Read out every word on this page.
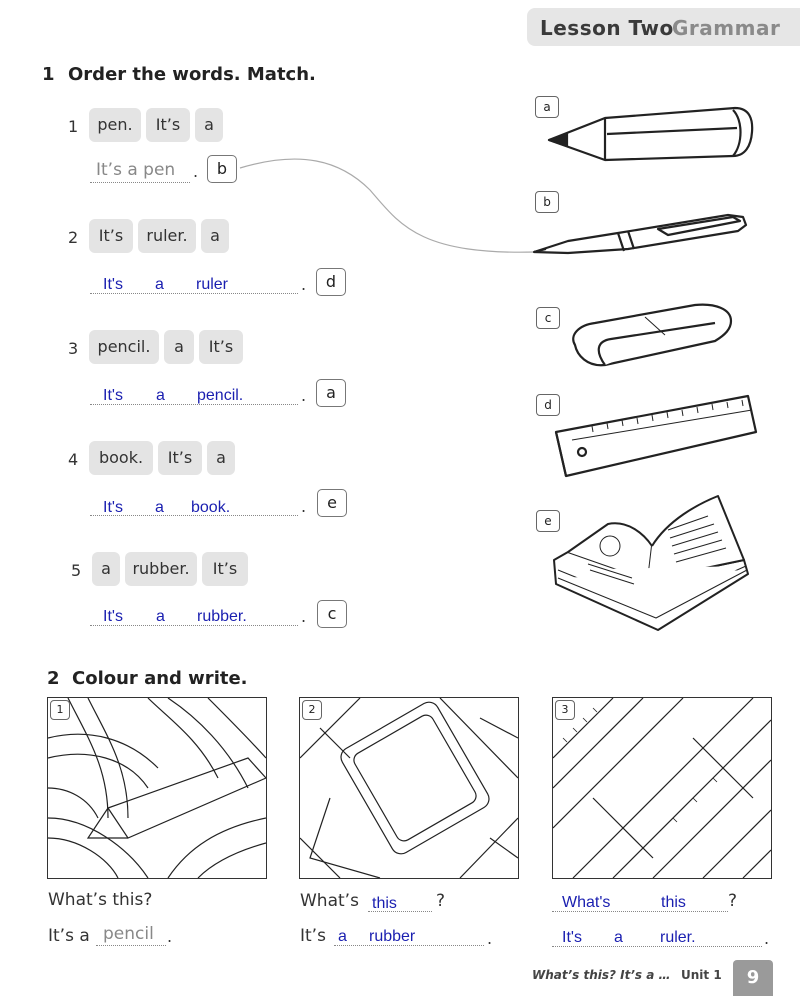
Lesson Two
Grammar
1 Order the words. Match.
1	pen.	It’s	a
It’s a pen .	b
2	It’s	ruler.	a
It's a ruler	.	d
3	pencil.	a	It’s
It's a pencil.	.	a
4	book.	It’s	a
It's a book.	.	e
5	a	rubber.	It’s
It's a rubber.	.	c
a
b
c
d
e
2 Colour and write.
1	2	3
What’s this?
It’s a pencil .
What’s this ?
It’s a rubber	.
What's	this ?
It's a ruler.	.
What’s this? It’s a … Unit 1	9
